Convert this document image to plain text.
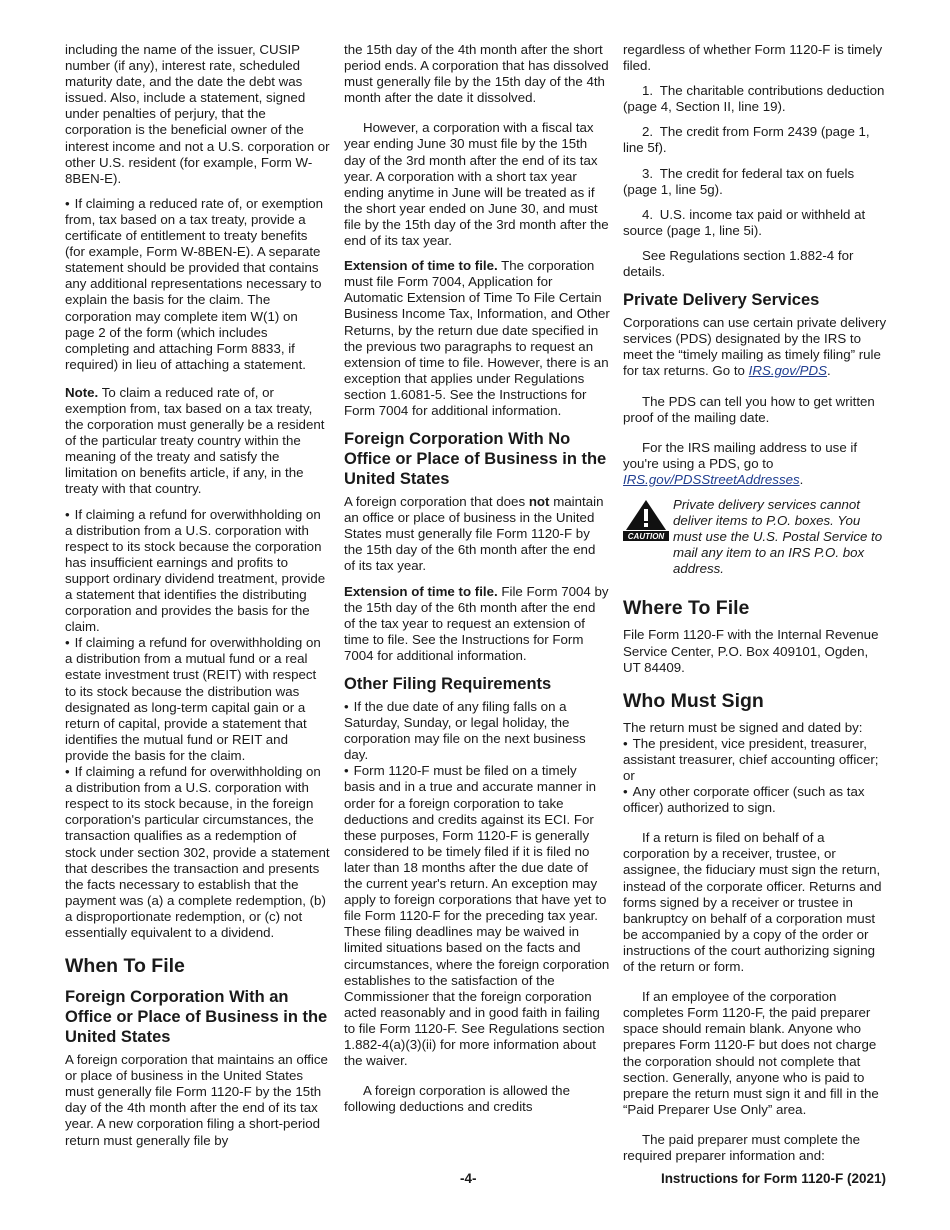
including the name of the issuer, CUSIP number (if any), interest rate, scheduled maturity date, and the date the debt was issued. Also, include a statement, signed under penalties of perjury, that the corporation is the beneficial owner of the interest income and not a U.S. corporation or other U.S. resident (for example, Form W-8BEN-E).

• If claiming a reduced rate of, or exemption from, tax based on a tax treaty, provide a certificate of entitlement to treaty benefits (for example, Form W-8BEN-E). A separate statement should be provided that contains any additional representations necessary to explain the basis for the claim. The corporation may complete item W(1) on page 2 of the form (which includes completing and attaching Form 8833, if required) in lieu of attaching a statement.

Note. To claim a reduced rate of, or exemption from, tax based on a tax treaty, the corporation must generally be a resident of the particular treaty country within the meaning of the treaty and satisfy the limitation on benefits article, if any, in the treaty with that country.

• If claiming a refund for overwithholding on a distribution from a U.S. corporation with respect to its stock because the corporation has insufficient earnings and profits to support ordinary dividend treatment, provide a statement that identifies the distributing corporation and provides the basis for the claim.
• If claiming a refund for overwithholding on a distribution from a mutual fund or a real estate investment trust (REIT) with respect to its stock because the distribution was designated as long-term capital gain or a return of capital, provide a statement that identifies the mutual fund or REIT and provide the basis for the claim.
• If claiming a refund for overwithholding on a distribution from a U.S. corporation with respect to its stock because, in the foreign corporation's particular circumstances, the transaction qualifies as a redemption of stock under section 302, provide a statement that describes the transaction and presents the facts necessary to establish that the payment was (a) a complete redemption, (b) a disproportionate redemption, or (c) not essentially equivalent to a dividend.
When To File
Foreign Corporation With an Office or Place of Business in the United States

A foreign corporation that maintains an office or place of business in the United States must generally file Form 1120-F by the 15th day of the 4th month after the end of its tax year. A new corporation filing a short-period return must generally file by

the 15th day of the 4th month after the short period ends. A corporation that has dissolved must generally file by the 15th day of the 4th month after the date it dissolved.

However, a corporation with a fiscal tax year ending June 30 must file by the 15th day of the 3rd month after the end of its tax year. A corporation with a short tax year ending anytime in June will be treated as if the short year ended on June 30, and must file by the 15th day of the 3rd month after the end of its tax year.

Extension of time to file. The corporation must file Form 7004, Application for Automatic Extension of Time To File Certain Business Income Tax, Information, and Other Returns, by the return due date specified in the previous two paragraphs to request an extension of time to file. However, there is an exception that applies under Regulations section 1.6081-5. See the Instructions for Form 7004 for additional information.

Foreign Corporation With No Office or Place of Business in the United States

A foreign corporation that does not maintain an office or place of business in the United States must generally file Form 1120-F by the 15th day of the 6th month after the end of its tax year.

Extension of time to file. File Form 7004 by the 15th day of the 6th month after the end of the tax year to request an extension of time to file. See the Instructions for Form 7004 for additional information.

Other Filing Requirements
• If the due date of any filing falls on a Saturday, Sunday, or legal holiday, the corporation may file on the next business day.
• Form 1120-F must be filed on a timely basis and in a true and accurate manner in order for a foreign corporation to take deductions and credits against its ECI. For these purposes, Form 1120-F is generally considered to be timely filed if it is filed no later than 18 months after the due date of the current year's return. An exception may apply to foreign corporations that have yet to file Form 1120-F for the preceding tax year. These filing deadlines may be waived in limited situations based on the facts and circumstances, where the foreign corporation establishes to the satisfaction of the Commissioner that the foreign corporation acted reasonably and in good faith in failing to file Form 1120-F. See Regulations section 1.882-4(a)(3)(ii) for more information about the waiver.

A foreign corporation is allowed the following deductions and credits

regardless of whether Form 1120-F is timely filed.

1. The charitable contributions deduction (page 4, Section II, line 19).

2. The credit from Form 2439 (page 1, line 5f).

3. The credit for federal tax on fuels (page 1, line 5g).

4. U.S. income tax paid or withheld at source (page 1, line 5i).

See Regulations section 1.882-4 for details.

Private Delivery Services

Corporations can use certain private delivery services (PDS) designated by the IRS to meet the “timely mailing as timely filing” rule for tax returns. Go to IRS.gov/PDS.

The PDS can tell you how to get written proof of the mailing date.

For the IRS mailing address to use if you're using a PDS, go to IRS.gov/PDSStreetAddresses.

CAUTION
Private delivery services cannot deliver items to P.O. boxes. You must use the U.S. Postal Service to mail any item to an IRS P.O. box address.
Where To File

File Form 1120-F with the Internal Revenue Service Center, P.O. Box 409101, Ogden, UT 84409.

Who Must Sign

The return must be signed and dated by:

• The president, vice president, treasurer, assistant treasurer, chief accounting officer; or
• Any other corporate officer (such as tax officer) authorized to sign.

If a return is filed on behalf of a corporation by a receiver, trustee, or assignee, the fiduciary must sign the return, instead of the corporate officer. Returns and forms signed by a receiver or trustee in bankruptcy on behalf of a corporation must be accompanied by a copy of the order or instructions of the court authorizing signing of the return or form.

If an employee of the corporation completes Form 1120-F, the paid preparer space should remain blank. Anyone who prepares Form 1120-F but does not charge the corporation should not complete that section. Generally, anyone who is paid to prepare the return must sign it and fill in the “Paid Preparer Use Only” area.

The paid preparer must complete the required preparer information and:

-4-	Instructions for Form 1120-F (2021)
